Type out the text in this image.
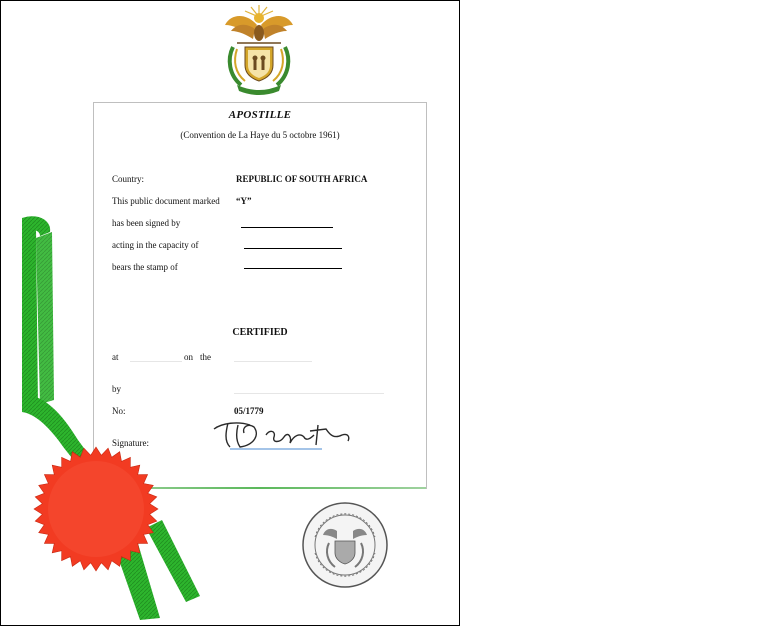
APOSTILLE
(Convention de La Haye du 5 octobre 1961)
Country:	REPUBLIC OF SOUTH AFRICA
This public document marked “Y”
has been signed by
acting in the capacity of
bears the stamp of
CERTIFIED
at	on the
by
No:	05/1779
Signature:
